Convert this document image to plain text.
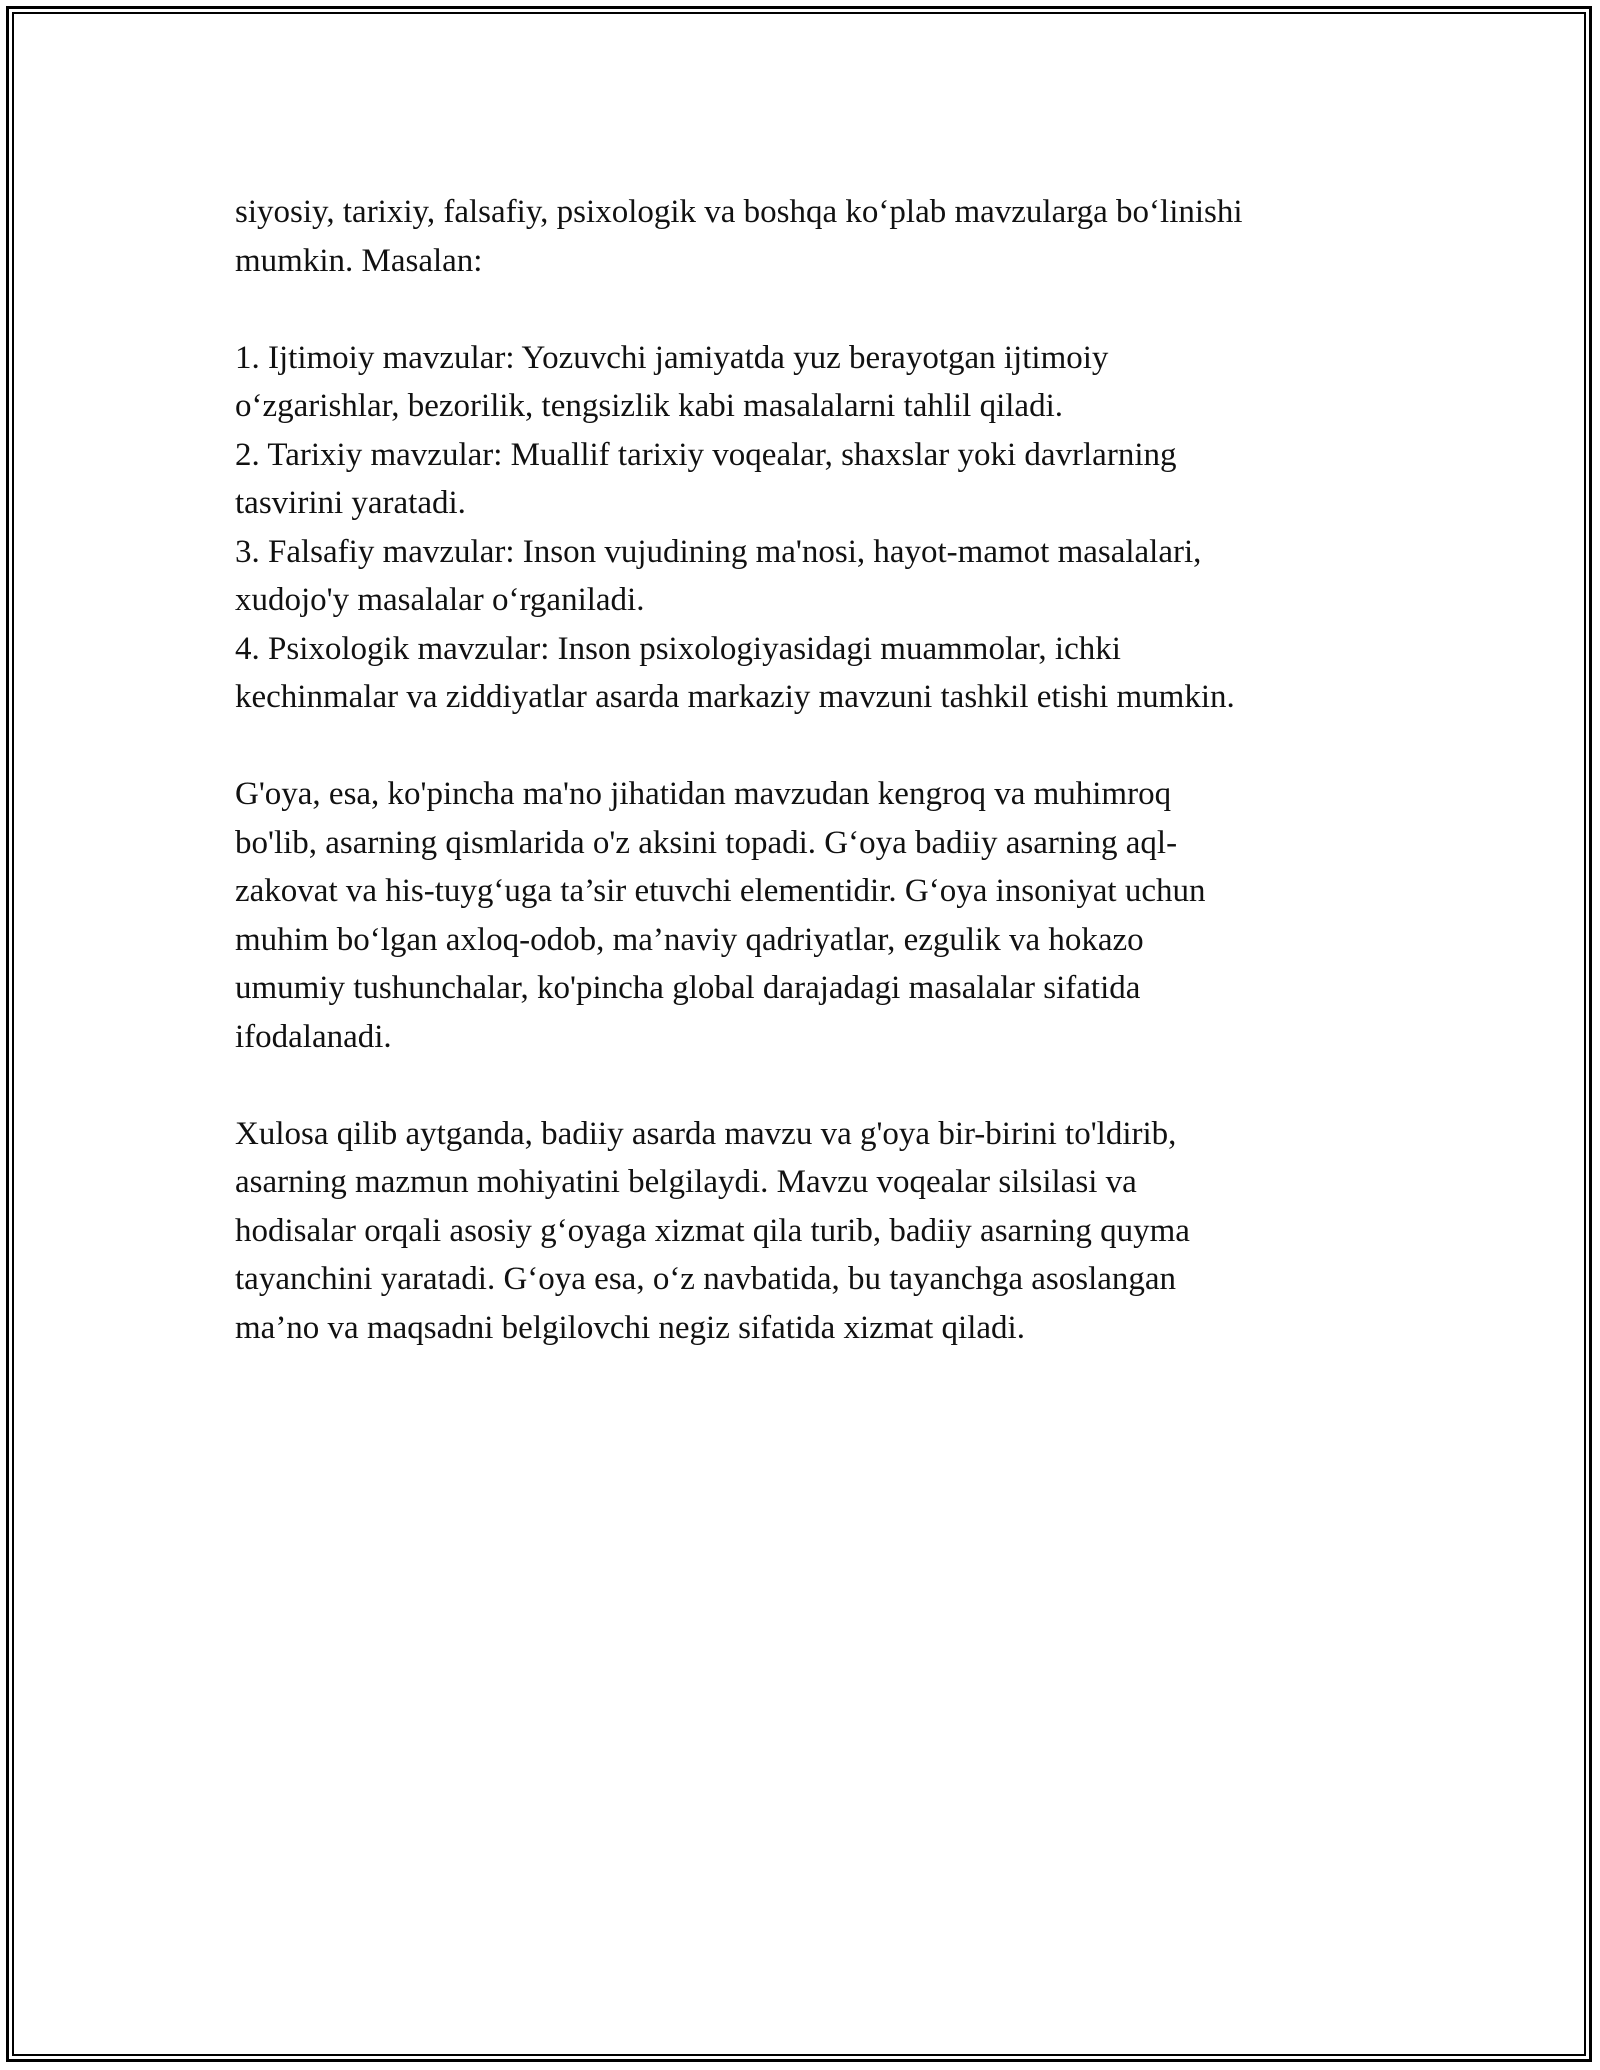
siyosiy, tarixiy, falsafiy, psixologik va boshqa ko‘plab mavzularga bo‘linishi

mumkin. Masalan:

1. Ijtimoiy mavzular: Yozuvchi jamiyatda yuz berayotgan ijtimoiy

o‘zgarishlar, bezorilik, tengsizlik kabi masalalarni tahlil qiladi.

2. Tarixiy mavzular: Muallif tarixiy voqealar, shaxslar yoki davrlarning

tasvirini yaratadi.

3. Falsafiy mavzular: Inson vujudining ma'nosi, hayot-mamot masalalari,

xudojo'y masalalar o‘rganiladi.

4. Psixologik mavzular: Inson psixologiyasidagi muammolar, ichki

kechinmalar va ziddiyatlar asarda markaziy mavzuni tashkil etishi mumkin.

G'oya, esa, ko'pincha ma'no jihatidan mavzudan kengroq va muhimroq

bo'lib, asarning qismlarida o'z aksini topadi. G‘oya badiiy asarning aql-

zakovat va his-tuyg‘uga ta’sir etuvchi elementidir. G‘oya insoniyat uchun

muhim bo‘lgan axloq-odob, ma’naviy qadriyatlar, ezgulik va hokazo

umumiy tushunchalar, ko'pincha global darajadagi masalalar sifatida

ifodalanadi.

Xulosa qilib aytganda, badiiy asarda mavzu va g'oya bir-birini to'ldirib,

asarning mazmun mohiyatini belgilaydi. Mavzu voqealar silsilasi va

hodisalar orqali asosiy g‘oyaga xizmat qila turib, badiiy asarning quyma

tayanchini yaratadi. G‘oya esa, o‘z navbatida, bu tayanchga asoslangan

ma’no va maqsadni belgilovchi negiz sifatida xizmat qiladi.
